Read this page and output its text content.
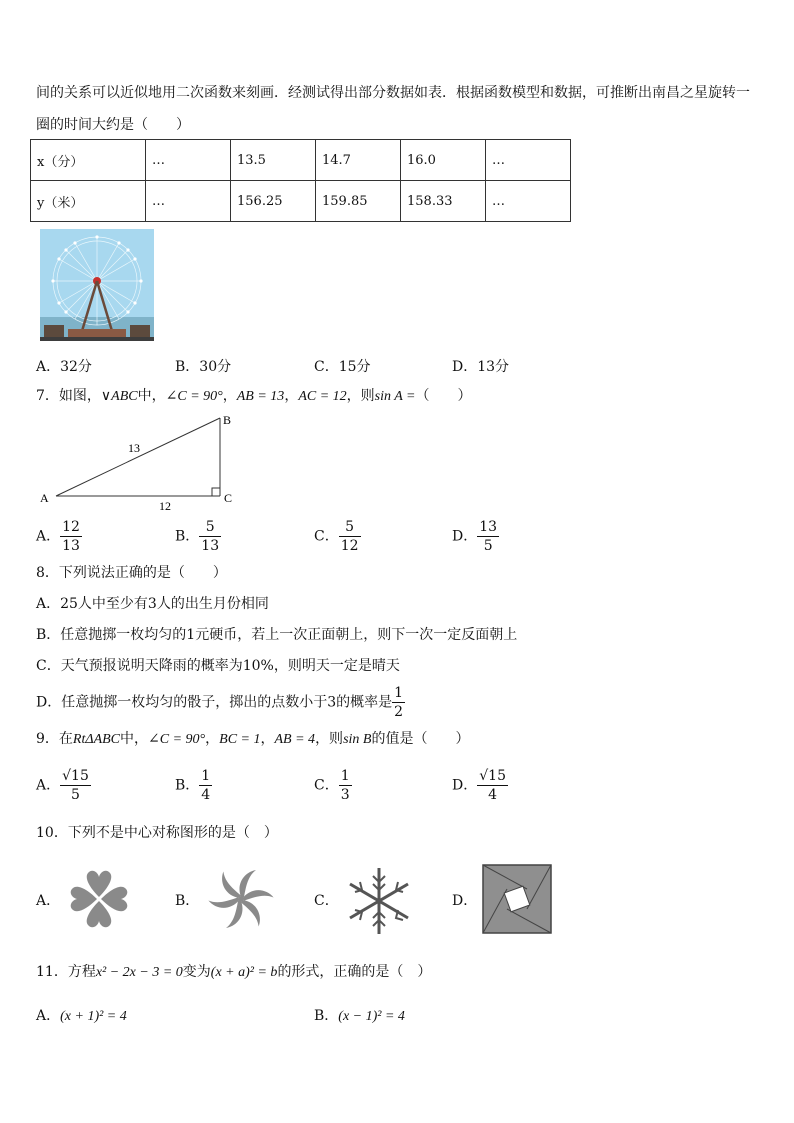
间的关系可以近似地用二次函数来刻画．经测试得出部分数据如表．根据函数模型和数据，可推断出南昌之星旋转一
圈的时间大约是（　　）
x（分）	…	13.5	14.7	16.0	…
y（米）	…	156.25	159.85	158.33	…
A．32分	B．30分	C．15分	D．13分
7．如图，∨ABC中，∠C = 90°，AB = 13，AC = 12，则sin A =（　　）
A
B
C
13
12
A． $\frac{12}{13}$	B． $\frac{5}{13}$	C． $\frac{5}{12}$	D． $\frac{13}{5}$
8．下列说法正确的是（　　）
A．25人中至少有3人的出生月份相同
B．任意抛掷一枚均匀的1元硬币，若上一次正面朝上，则下一次一定反面朝上
C．天气预报说明天降雨的概率为10%，则明天一定是晴天
D．任意抛掷一枚均匀的骰子，掷出的点数小于3的概率是 $\frac{1}{2}$
9．在RtΔABC中，∠C = 90°，BC = 1，AB = 4，则sin B的值是（　　）
A． $\frac{√15}{5}$	B． $\frac{1}{4}$	C． $\frac{1}{3}$	D． $\frac{√15}{4}$
10．下列不是中心对称图形的是（　）
A．	B．	C．	D．
11．方程x² − 2x − 3 = 0变为(x + a)² = b的形式，正确的是（　）
A．(x + 1)² = 4	B．(x − 1)² = 4
